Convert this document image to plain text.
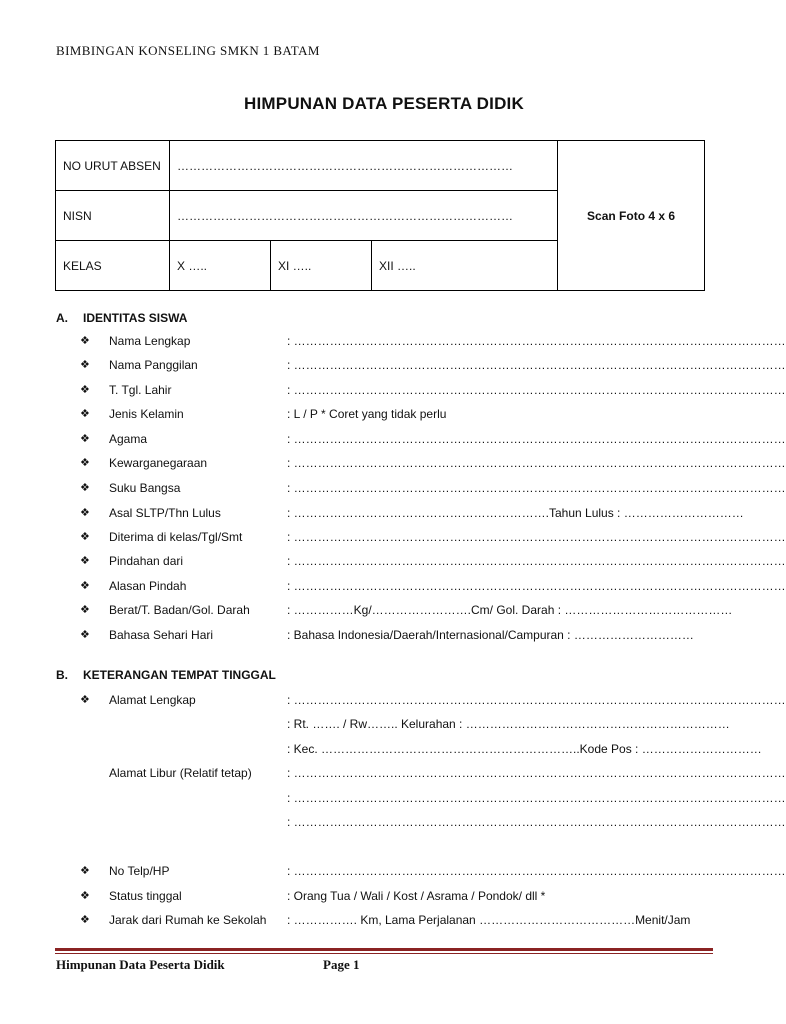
BIMBINGAN KONSELING SMKN 1 BATAM
HIMPUNAN DATA PESERTA DIDIK
NO URUT ABSEN	…………………………………………………………………………			Scan Foto 4 x 6
NISN	…………………………………………………………………………			
KELAS	X …..	XI …..	XII …..	
A. IDENTITAS SISWA
❖	Nama Lengkap	: ……………………………………………………………………………………………………………
❖	Nama Panggilan	: ……………………………………………………………………………………………………………
❖	T. Tgl. Lahir	: ……………………………………………………………………………………………………………
❖	Jenis Kelamin	: L / P * Coret yang tidak perlu
❖	Agama	: ……………………………………………………………………………………………………………
❖	Kewarganegaraan	: ……………………………………………………………………………………………………………
❖	Suku Bangsa	: ……………………………………………………………………………………………………………
❖	Asal SLTP/Thn Lulus	: ……………………………………………………….Tahun Lulus : …………………………
❖	Diterima di kelas/Tgl/Smt	: ……………………………………………………………………………………………………………
❖	Pindahan dari	: ……………………………………………………………………………………………………………
❖	Alasan Pindah	: ……………………………………………………………………………………………………………
❖	Berat/T. Badan/Gol. Darah	: ……………Kg/…………………….Cm/ Gol. Darah : ……………………………………
❖	Bahasa Sehari Hari	: Bahasa Indonesia/Daerah/Internasional/Campuran : …………………………
B. KETERANGAN TEMPAT TINGGAL
❖	Alamat Lengkap	: ……………………………………………………………………………………………………………
: Rt. ……. / Rw…….. Kelurahan : …………………………………………………………
: Kec. ………………………………………………………..Kode Pos : …………………………
Alamat Libur (Relatif tetap)	: ……………………………………………………………………………………………………………
: ……………………………………………………………………………………………………………
: ……………………………………………………………………………………………………………
❖	No Telp/HP	: ……………………………………………………………………………………………………………
❖	Status tinggal	: Orang Tua / Wali / Kost / Asrama / Pondok/ dll *
❖	Jarak dari Rumah ke Sekolah : ……………. Km, Lama Perjalanan …………………………………Menit/Jam
Himpunan Data Peserta Didik	Page 1
